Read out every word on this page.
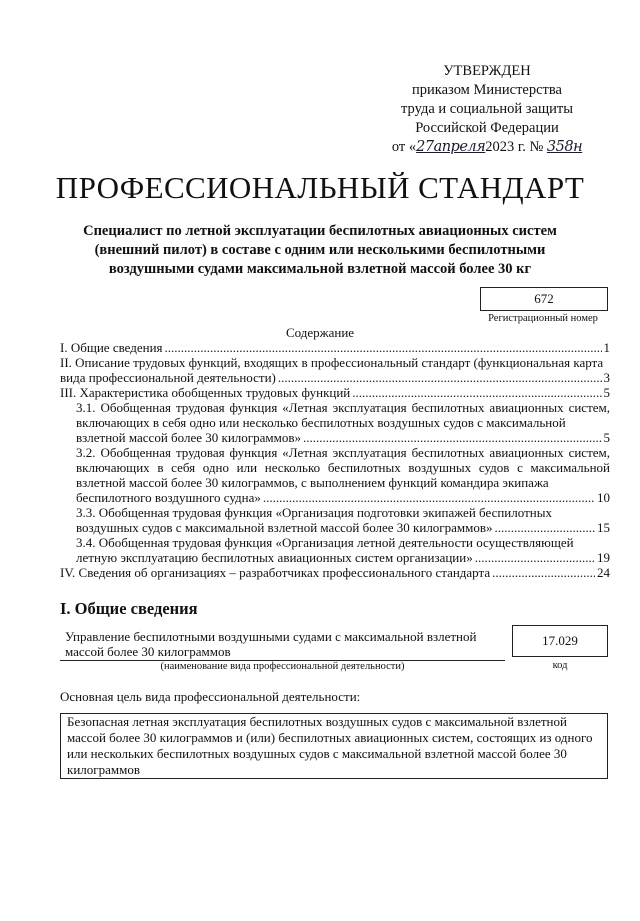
УТВЕРЖДЕН
приказом Министерства
труда и социальной защиты
Российской Федерации
от «27апреля2023 г. № 358н
ПРОФЕССИОНАЛЬНЫЙ СТАНДАРТ
Специалист по летной эксплуатации беспилотных авиационных систем (внешний пилот) в составе с одним или несколькими беспилотными воздушными судами максимальной взлетной массой более 30 кг
672
Регистрационный номер
Содержание
I. Общие сведения .....	1
II. Описание трудовых функций, входящих в профессиональный стандарт (функциональная карта
вида профессиональной деятельности) .....	3
III. Характеристика обобщенных трудовых функций .....	5
3.1. Обобщенная трудовая функция «Летная эксплуатация беспилотных авиационных систем, включающих в себя одно или несколько беспилотных воздушных судов с максимальной
взлетной массой более 30 килограммов» .....	5
3.2. Обобщенная трудовая функция «Летная эксплуатация беспилотных авиационных систем, включающих в себя одно или несколько беспилотных воздушных судов с максимальной взлетной массой более 30 килограммов, с выполнением функций командира экипажа
беспилотного воздушного судна» .....	10
3.3. Обобщенная трудовая функция «Организация подготовки экипажей беспилотных
воздушных судов с максимальной взлетной массой более 30 килограммов» .....	15
3.4. Обобщенная трудовая функция «Организация летной деятельности осуществляющей
летную эксплуатацию беспилотных авиационных систем организации» .....	19
IV. Сведения об организациях – разработчиках профессионального стандарта .....	24
I. Общие сведения
Управление беспилотными воздушными судами с максимальной взлетной массой более 30 килограммов
(наименование вида профессиональной деятельности)
17.029
код
Основная цель вида профессиональной деятельности:
Безопасная летная эксплуатация беспилотных воздушных судов с максимальной взлетной массой более 30 килограммов и (или) беспилотных авиационных систем, состоящих из одного или нескольких беспилотных воздушных судов с максимальной взлетной массой более 30 килограммов
